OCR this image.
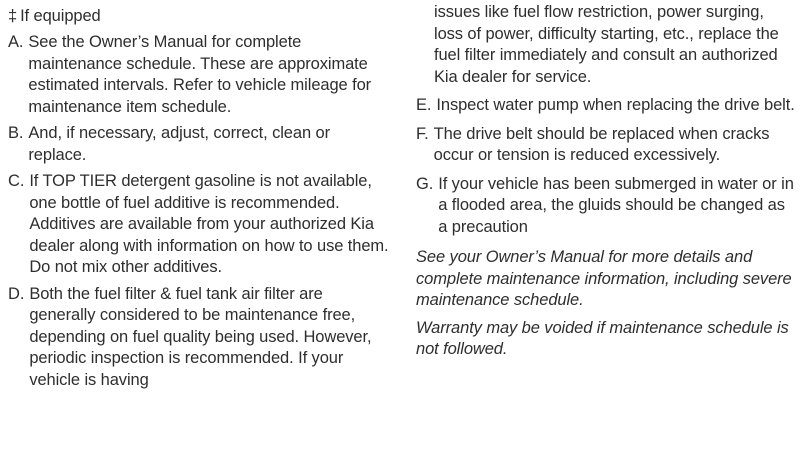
‡ If equipped
A. See the Owner’s Manual for complete maintenance schedule. These are approximate estimated intervals. Refer to vehicle mileage for maintenance item schedule.
B. And, if necessary, adjust, correct, clean or replace.
C. If TOP TIER detergent gasoline is not available, one bottle of fuel additive is recommended. Additives are available from your authorized Kia dealer along with information on how to use them. Do not mix other additives.
D. Both the fuel filter & fuel tank air filter are generally considered to be maintenance free, depending on fuel quality being used. However, periodic inspection is recommended. If your vehicle is having
issues like fuel flow restriction, power surging, loss of power, difficulty starting, etc., replace the fuel filter immediately and consult an authorized Kia dealer for service.
E. Inspect water pump when replacing the drive belt.
F. The drive belt should be replaced when cracks occur or tension is reduced excessively.
G. If your vehicle has been submerged in water or in a flooded area, the gluids should be changed as a precaution
See your Owner’s Manual for more details and complete maintenance information, including severe maintenance schedule.
Warranty may be voided if maintenance schedule is not followed.
